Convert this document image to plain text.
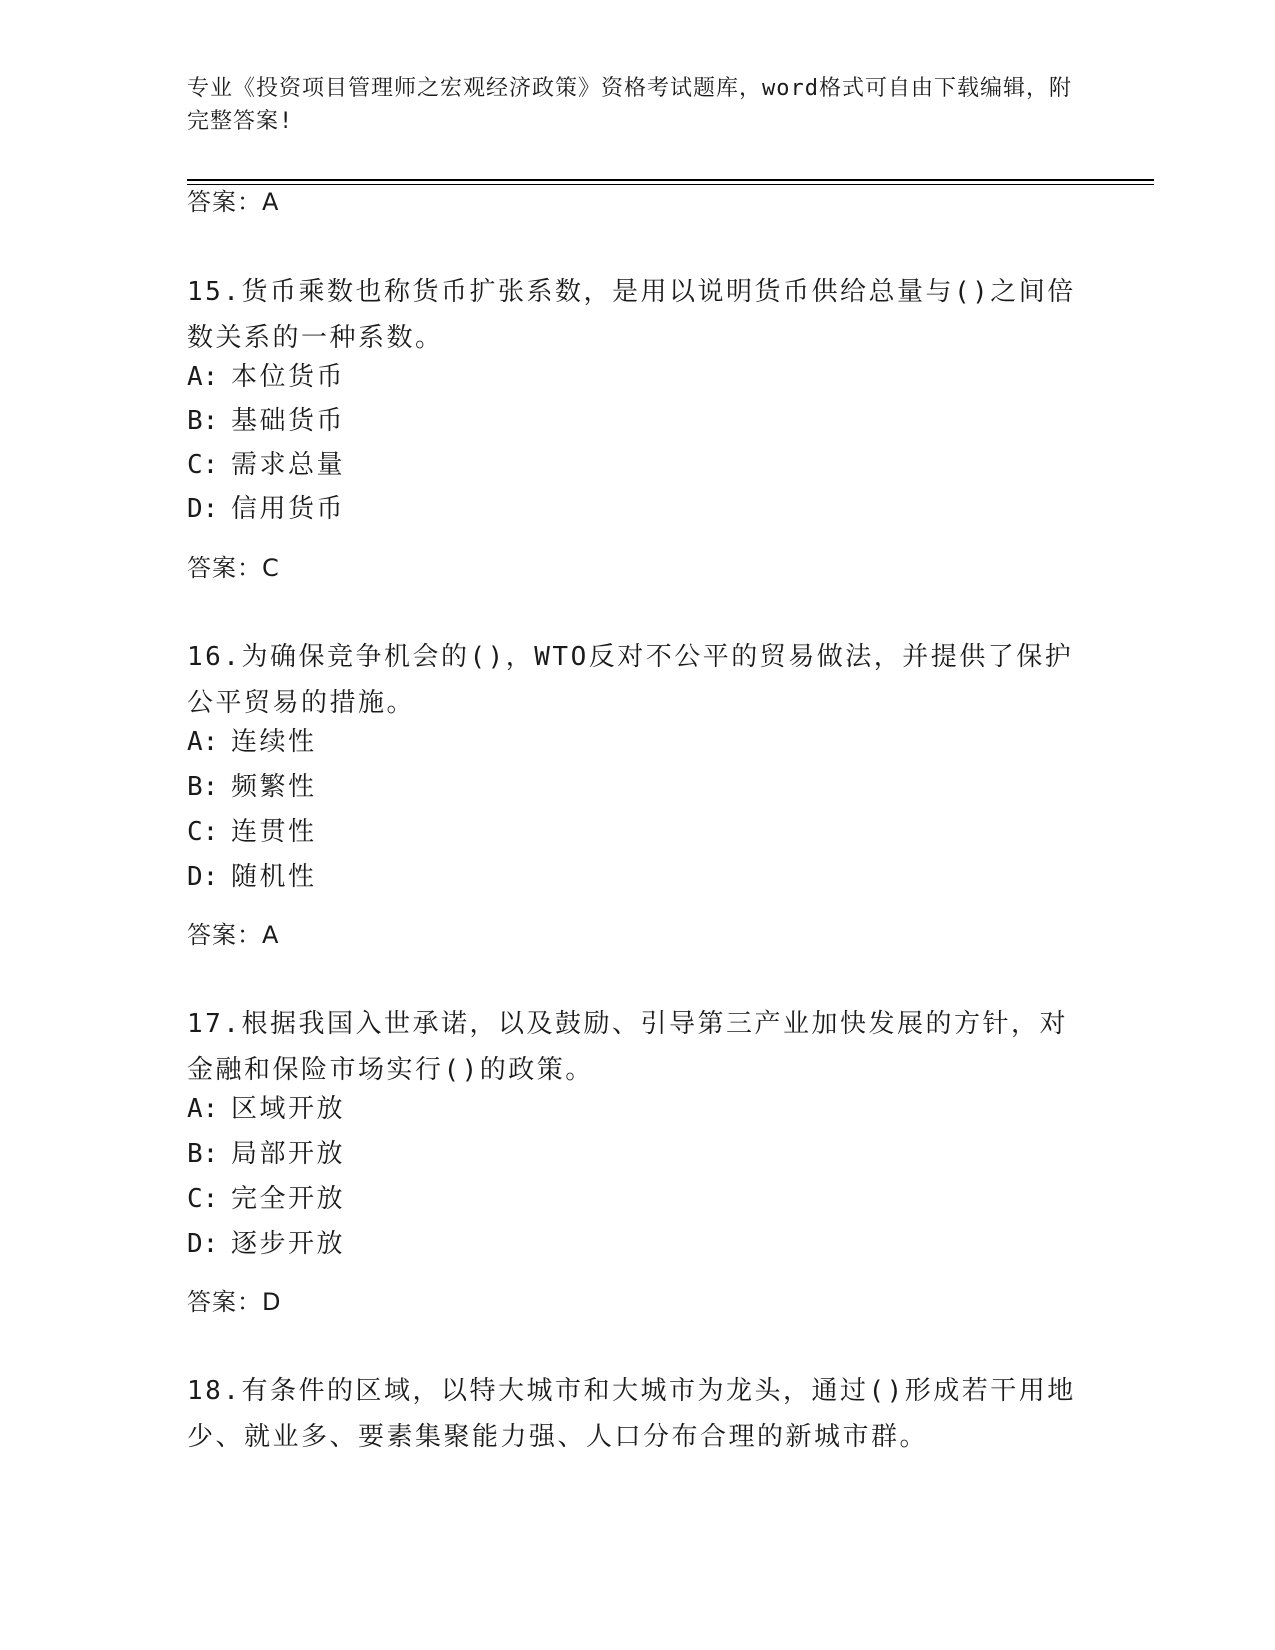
专业《投资项目管理师之宏观经济政策》资格考试题库，word格式可自由下载编辑，附完整答案!
答案：A
15.货币乘数也称货币扩张系数，是用以说明货币供给总量与()之间倍数关系的一种系数。
A: 本位货币
B: 基础货币
C: 需求总量
D: 信用货币
答案：C
16.为确保竞争机会的()，WTO反对不公平的贸易做法，并提供了保护公平贸易的措施。
A: 连续性
B: 频繁性
C: 连贯性
D: 随机性
答案：A
17.根据我国入世承诺，以及鼓励、引导第三产业加快发展的方针，对金融和保险市场实行()的政策。
A: 区域开放
B: 局部开放
C: 完全开放
D: 逐步开放
答案：D
18.有条件的区域，以特大城市和大城市为龙头，通过()形成若干用地少、就业多、要素集聚能力强、人口分布合理的新城市群。
